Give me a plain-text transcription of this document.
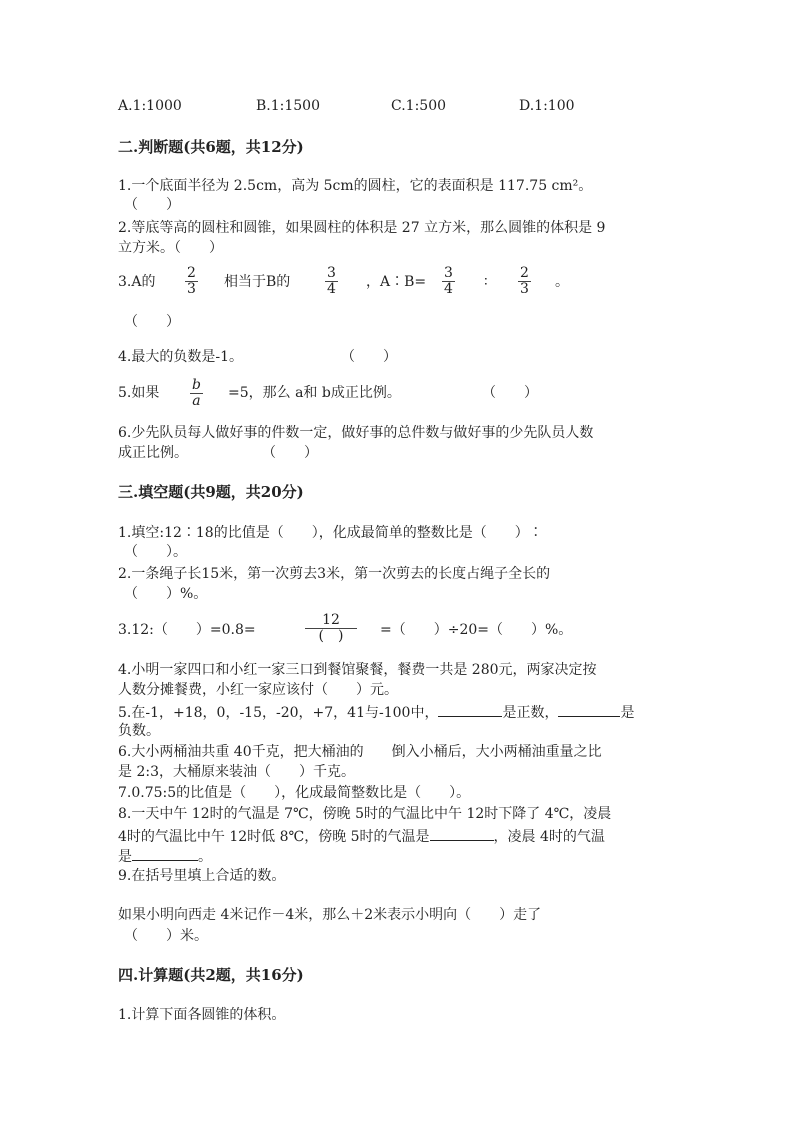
A.1:1000	B.1:1500	C.1:500	D.1:100
二.判断题(共6题，共12分)
1.一个底面半径为 2.5cm，高为 5cm的圆柱，它的表面积是 117.75 cm²。
（　　）
2.等底等高的圆柱和圆锥，如果圆柱的体积是 27 立方米，那么圆锥的体积是 9
立方米。（　　）
3.A的 $\frac{2}{3}$ 相当于B的 $\frac{3}{4}$ ，A∶B= $\frac{3}{4}$ ∶ $\frac{2}{3}$ 。
（　　）
4.最大的负数是-1。	（　　）
5.如果 $\frac{b}{a} =5$，那么 a和 b成正比例。	（　　）
6.少先队员每人做好事的件数一定，做好事的总件数与做好事的少先队员人数
成正比例。	（　　）
三.填空题(共9题，共20分)
1.填空:12∶18的比值是（　　），化成最简单的整数比是（　　）∶
（　　）。
2.一条绳子长15米，第一次剪去3米，第一次剪去的长度占绳子全长的
（　　）%。
3.12:（　　）=0.8=
12
(　)	=（　　）÷20=（　　）%。
4.小明一家四口和小红一家三口到餐馆聚餐，餐费一共是 280元，两家决定按
人数分摊餐费，小红一家应该付（　　）元。
5.在-1，+18，0，-15，-20，+7，41与-100中，	是正数，	是
负数。
6.大小两桶油共重 40千克，把大桶油的 倒入小桶后，大小两桶油重量之比
是 2:3，大桶原来装油（　　）千克。
7.0.75:5的比值是（　　），化成最简整数比是（　　）。
8.一天中午 12时的气温是 7℃，傍晚 5时的气温比中午 12时下降了 4℃，凌晨
4时的气温比中午 12时低 8℃，傍晚 5时的气温是	，凌晨 4时的气温
是	。
9.在括号里填上合适的数。
如果小明向西走 4米记作－4米，那么＋2米表示小明向（　　）走了
（　　）米。
四.计算题(共2题，共16分)
1.计算下面各圆锥的体积。
